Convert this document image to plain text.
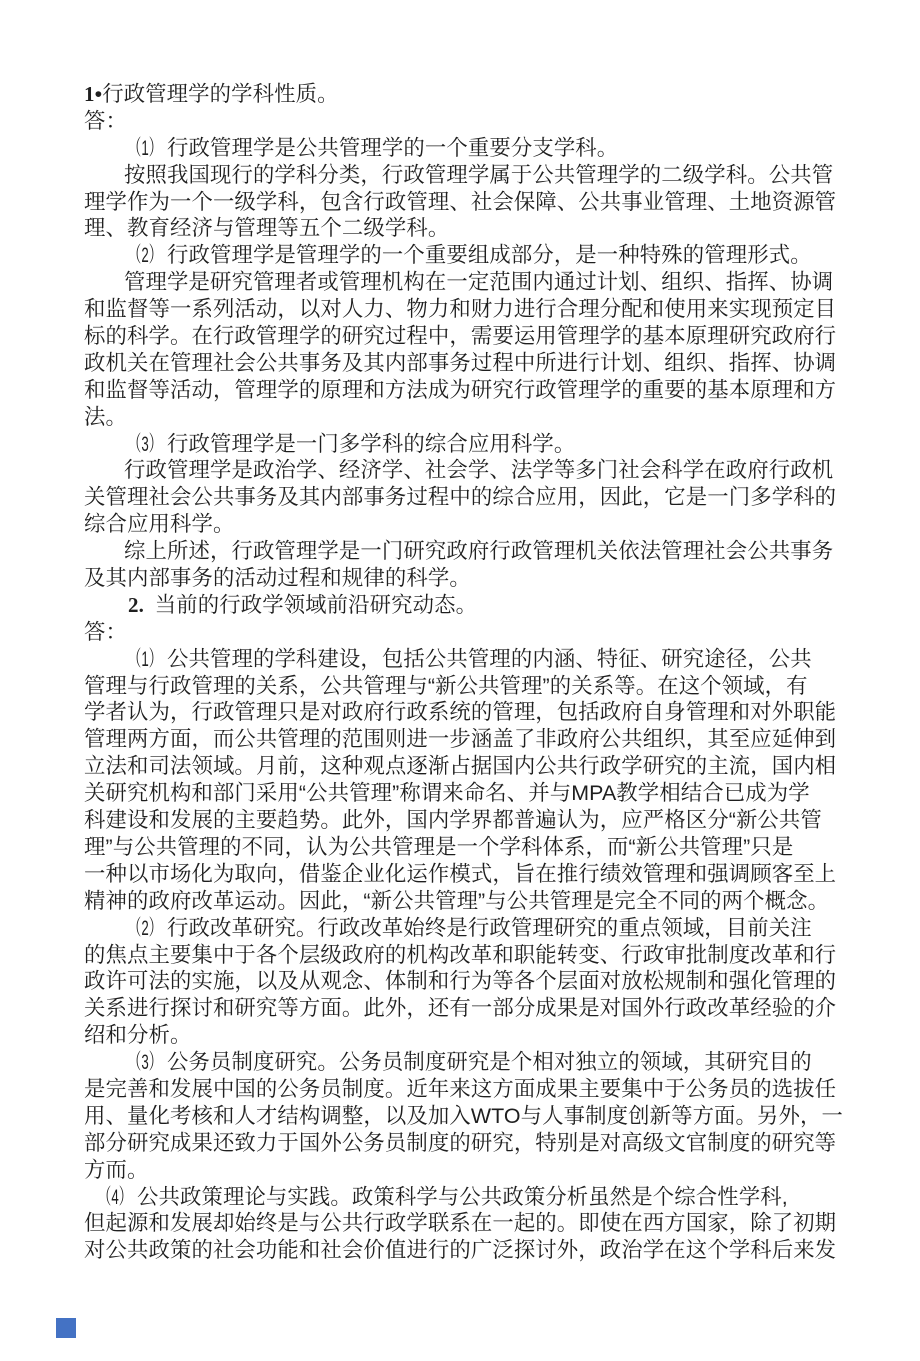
1•行政管理学的学科性质。
答：
（1） 行政管理学是公共管理学的一个重要分支学科。
按照我国现行的学科分类，行政管理学属于公共管理学的二级学科。公共管
理学作为一个一级学科，包含行政管理、社会保障、公共事业管理、土地资源管
理、教育经济与管理等五个二级学科。
（2） 行政管理学是管理学的一个重要组成部分，是一种特殊的管理形式。
管理学是研究管理者或管理机构在一定范围内通过计划、组织、指挥、协调
和监督等一系列活动，以对人力、物力和财力进行合理分配和使用来实现预定目
标的科学。在行政管理学的研究过程中，需要运用管理学的基本原理研究政府行
政机关在管理社会公共事务及其内部事务过程中所进行计划、组织、指挥、协调
和监督等活动，管理学的原理和方法成为研究行政管理学的重要的基本原理和方
法。
（3） 行政管理学是一门多学科的综合应用科学。
行政管理学是政治学、经济学、社会学、法学等多门社会科学在政府行政机
关管理社会公共事务及其内部事务过程中的综合应用，因此，它是一门多学科的
综合应用科学。
综上所述，行政管理学是一门研究政府行政管理机关依法管理社会公共事务
及其内部事务的活动过程和规律的科学。
2. 当前的行政学领域前沿研究动态。
答：
（1） 公共管理的学科建设，包括公共管理的内涵、特征、研究途径，公共
管理与行政管理的关系，公共管理与“新公共管理”的关系等。在这个领域，有
学者认为，行政管理只是对政府行政系统的管理，包括政府自身管理和对外职能
管理两方面，而公共管理的范围则进一步涵盖了非政府公共组织，其至应延伸到
立法和司法领域。月前，这种观点逐渐占据国内公共行政学研究的主流，国内相
关研究机构和部门采用“公共管理”称谓来命名、并与MPA教学相结合已成为学
科建设和发展的主要趋势。此外，国内学界都普遍认为，应严格区分“新公共管
理”与公共管理的不同，认为公共管理是一个学科体系，而“新公共管理”只是
一种以市场化为取向，借鉴企业化运作模式，旨在推行绩效管理和强调顾客至上
精神的政府改革运动。因此，“新公共管理”与公共管理是完全不同的两个概念。
（2） 行政改革研究。行政改革始终是行政管理研究的重点领域，目前关注
的焦点主要集中于各个层级政府的机构改革和职能转变、行政审批制度改革和行
政许可法的实施，以及从观念、体制和行为等各个层面对放松规制和强化管理的
关系进行探讨和研究等方面。此外，还有一部分成果是对国外行政改革经验的介
绍和分析。
（3） 公务员制度研究。公务员制度研究是个相对独立的领域，其研究目的
是完善和发展中国的公务员制度。近年来这方面成果主要集中于公务员的选拔任
用、量化考核和人才结构调整，以及加入WTO与人事制度创新等方面。另外，一
部分研究成果还致力于国外公务员制度的研究，特别是对高级文官制度的研究等
方而。
（4） 公共政策理论与实践。政策科学与公共政策分析虽然是个综合性学科,
但起源和发展却始终是与公共行政学联系在一起的。即使在西方国家，除了初期
对公共政策的社会功能和社会价值进行的广泛探讨外，政治学在这个学科后来发
